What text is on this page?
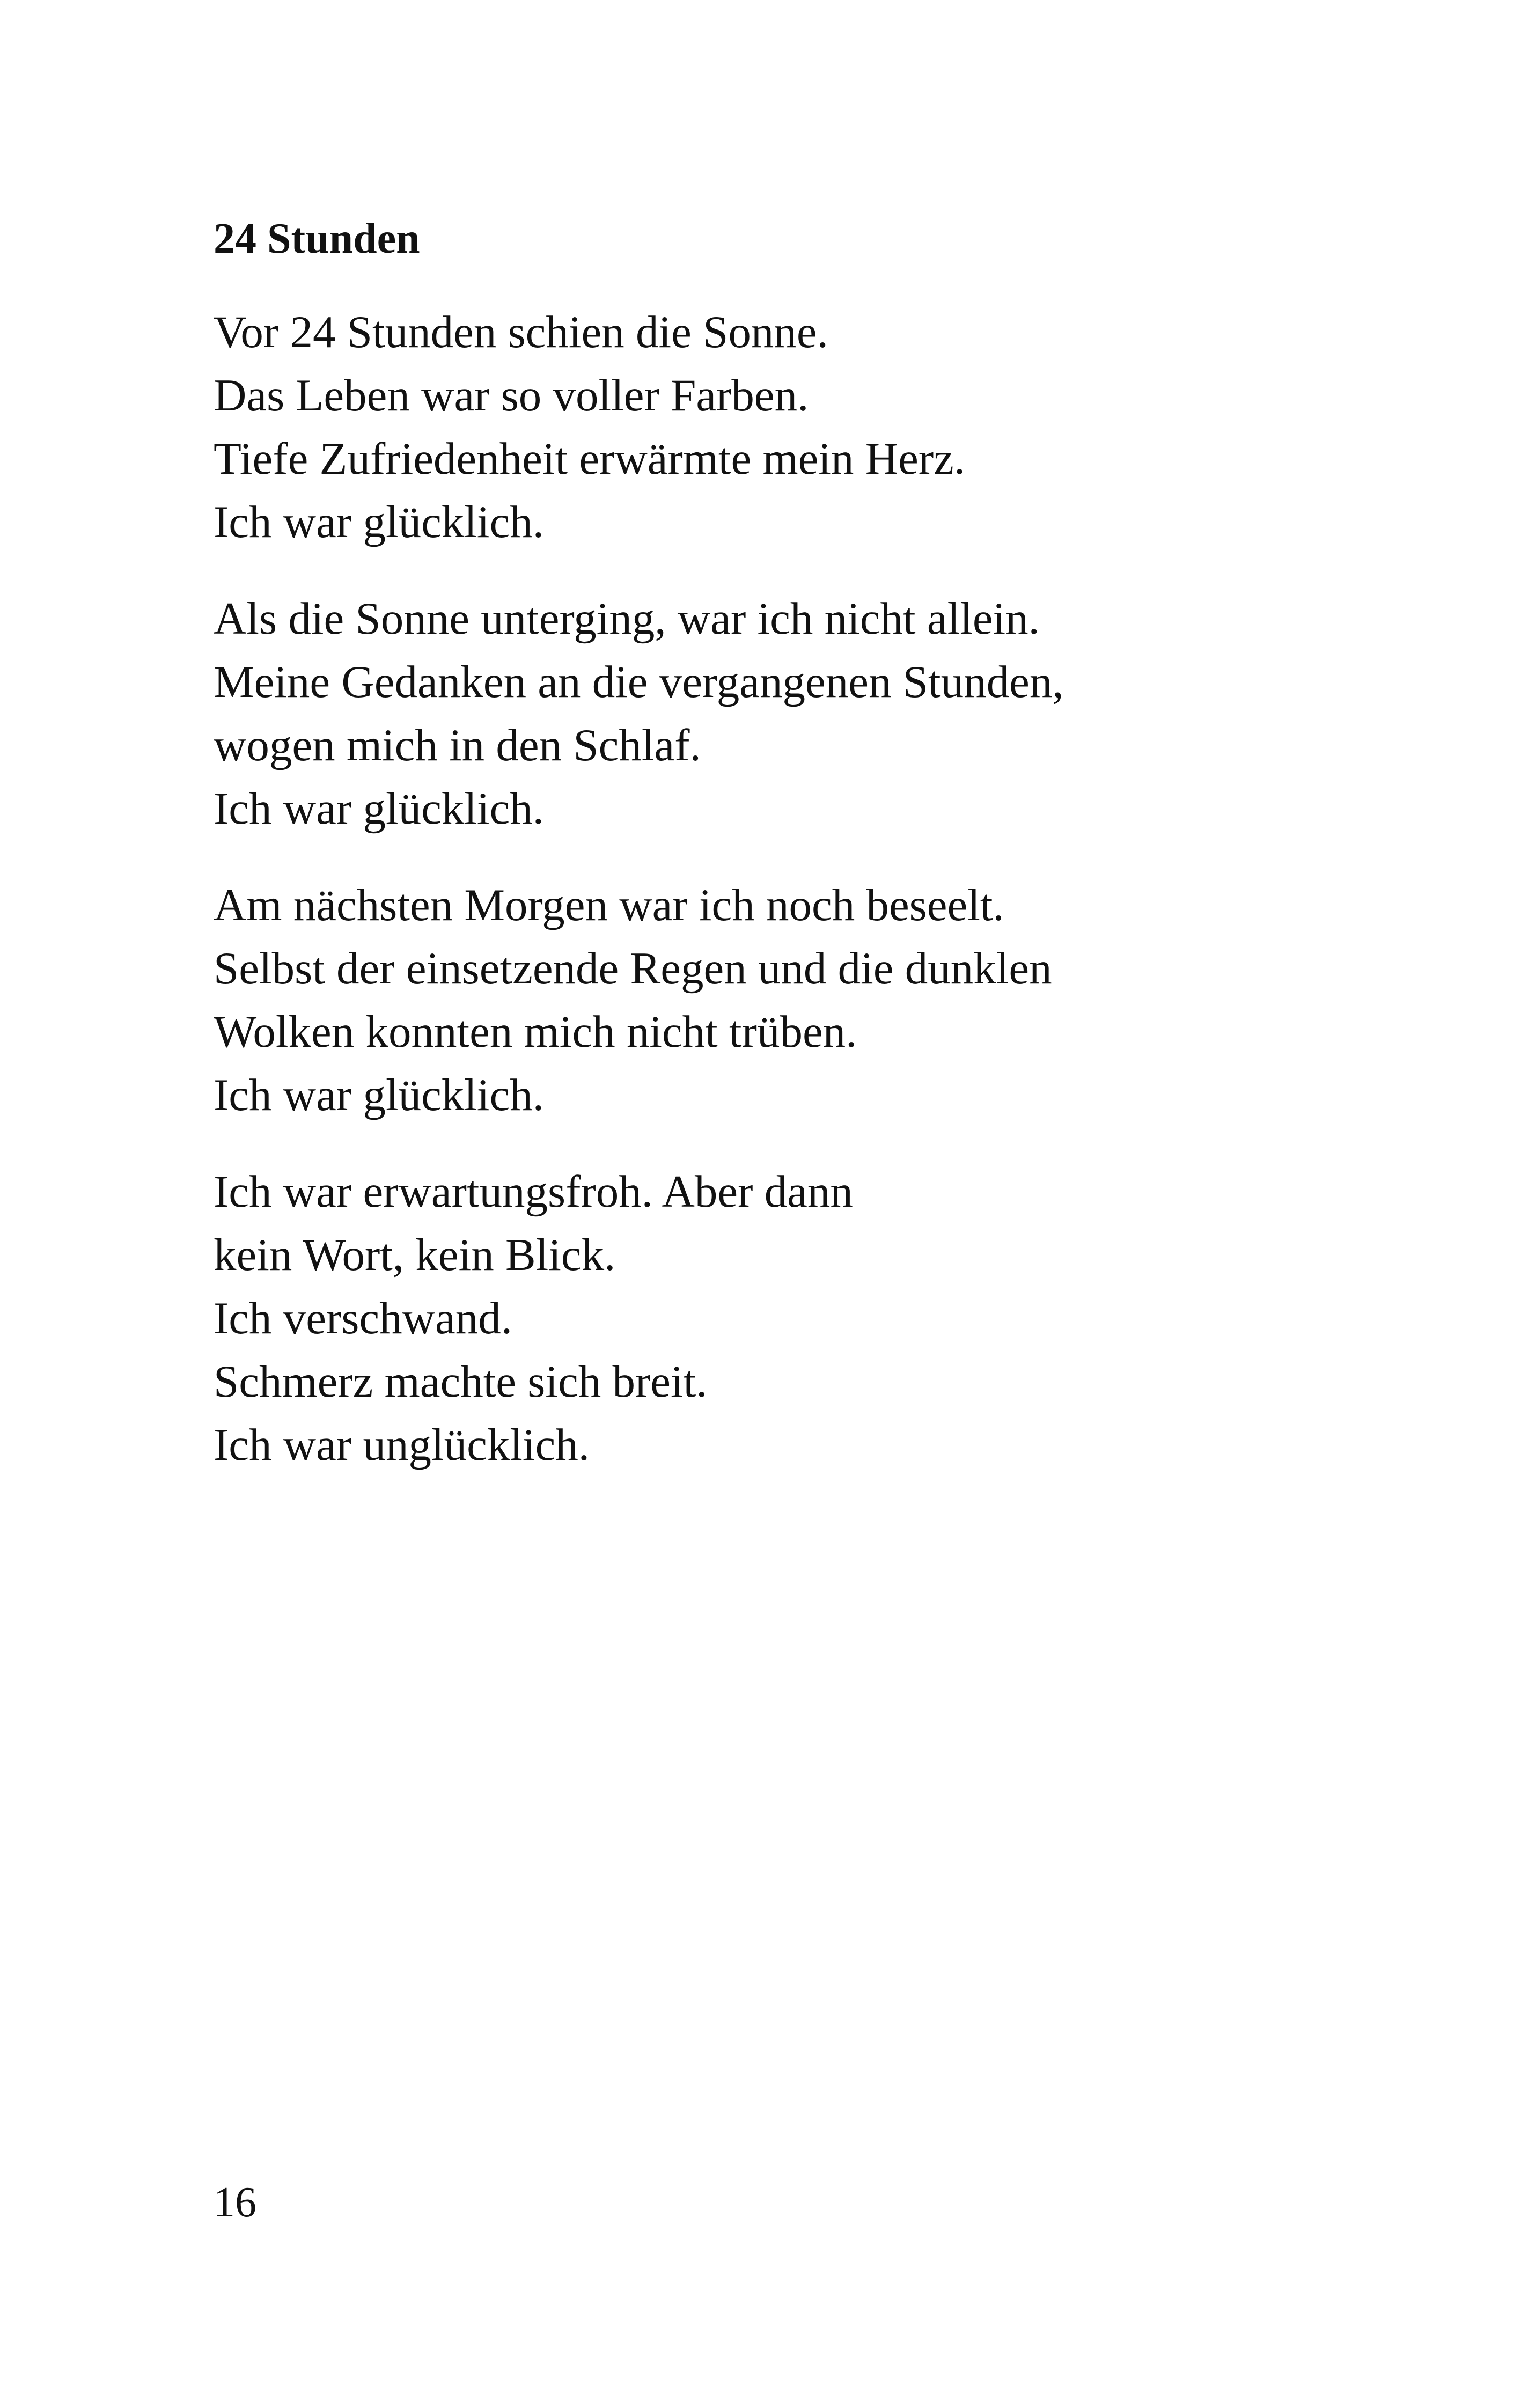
24 Stunden

Vor 24 Stunden schien die Sonne.
Das Leben war so voller Farben.
Tiefe Zufriedenheit erwärmte mein Herz.
Ich war glücklich.

Als die Sonne unterging, war ich nicht allein.
Meine Gedanken an die vergangenen Stunden,
wogen mich in den Schlaf.
Ich war glücklich.

Am nächsten Morgen war ich noch beseelt.
Selbst der einsetzende Regen und die dunklen
Wolken konnten mich nicht trüben.
Ich war glücklich.

Ich war erwartungsfroh. Aber dann
kein Wort, kein Blick.
Ich verschwand.
Schmerz machte sich breit.
Ich war unglücklich.

16
